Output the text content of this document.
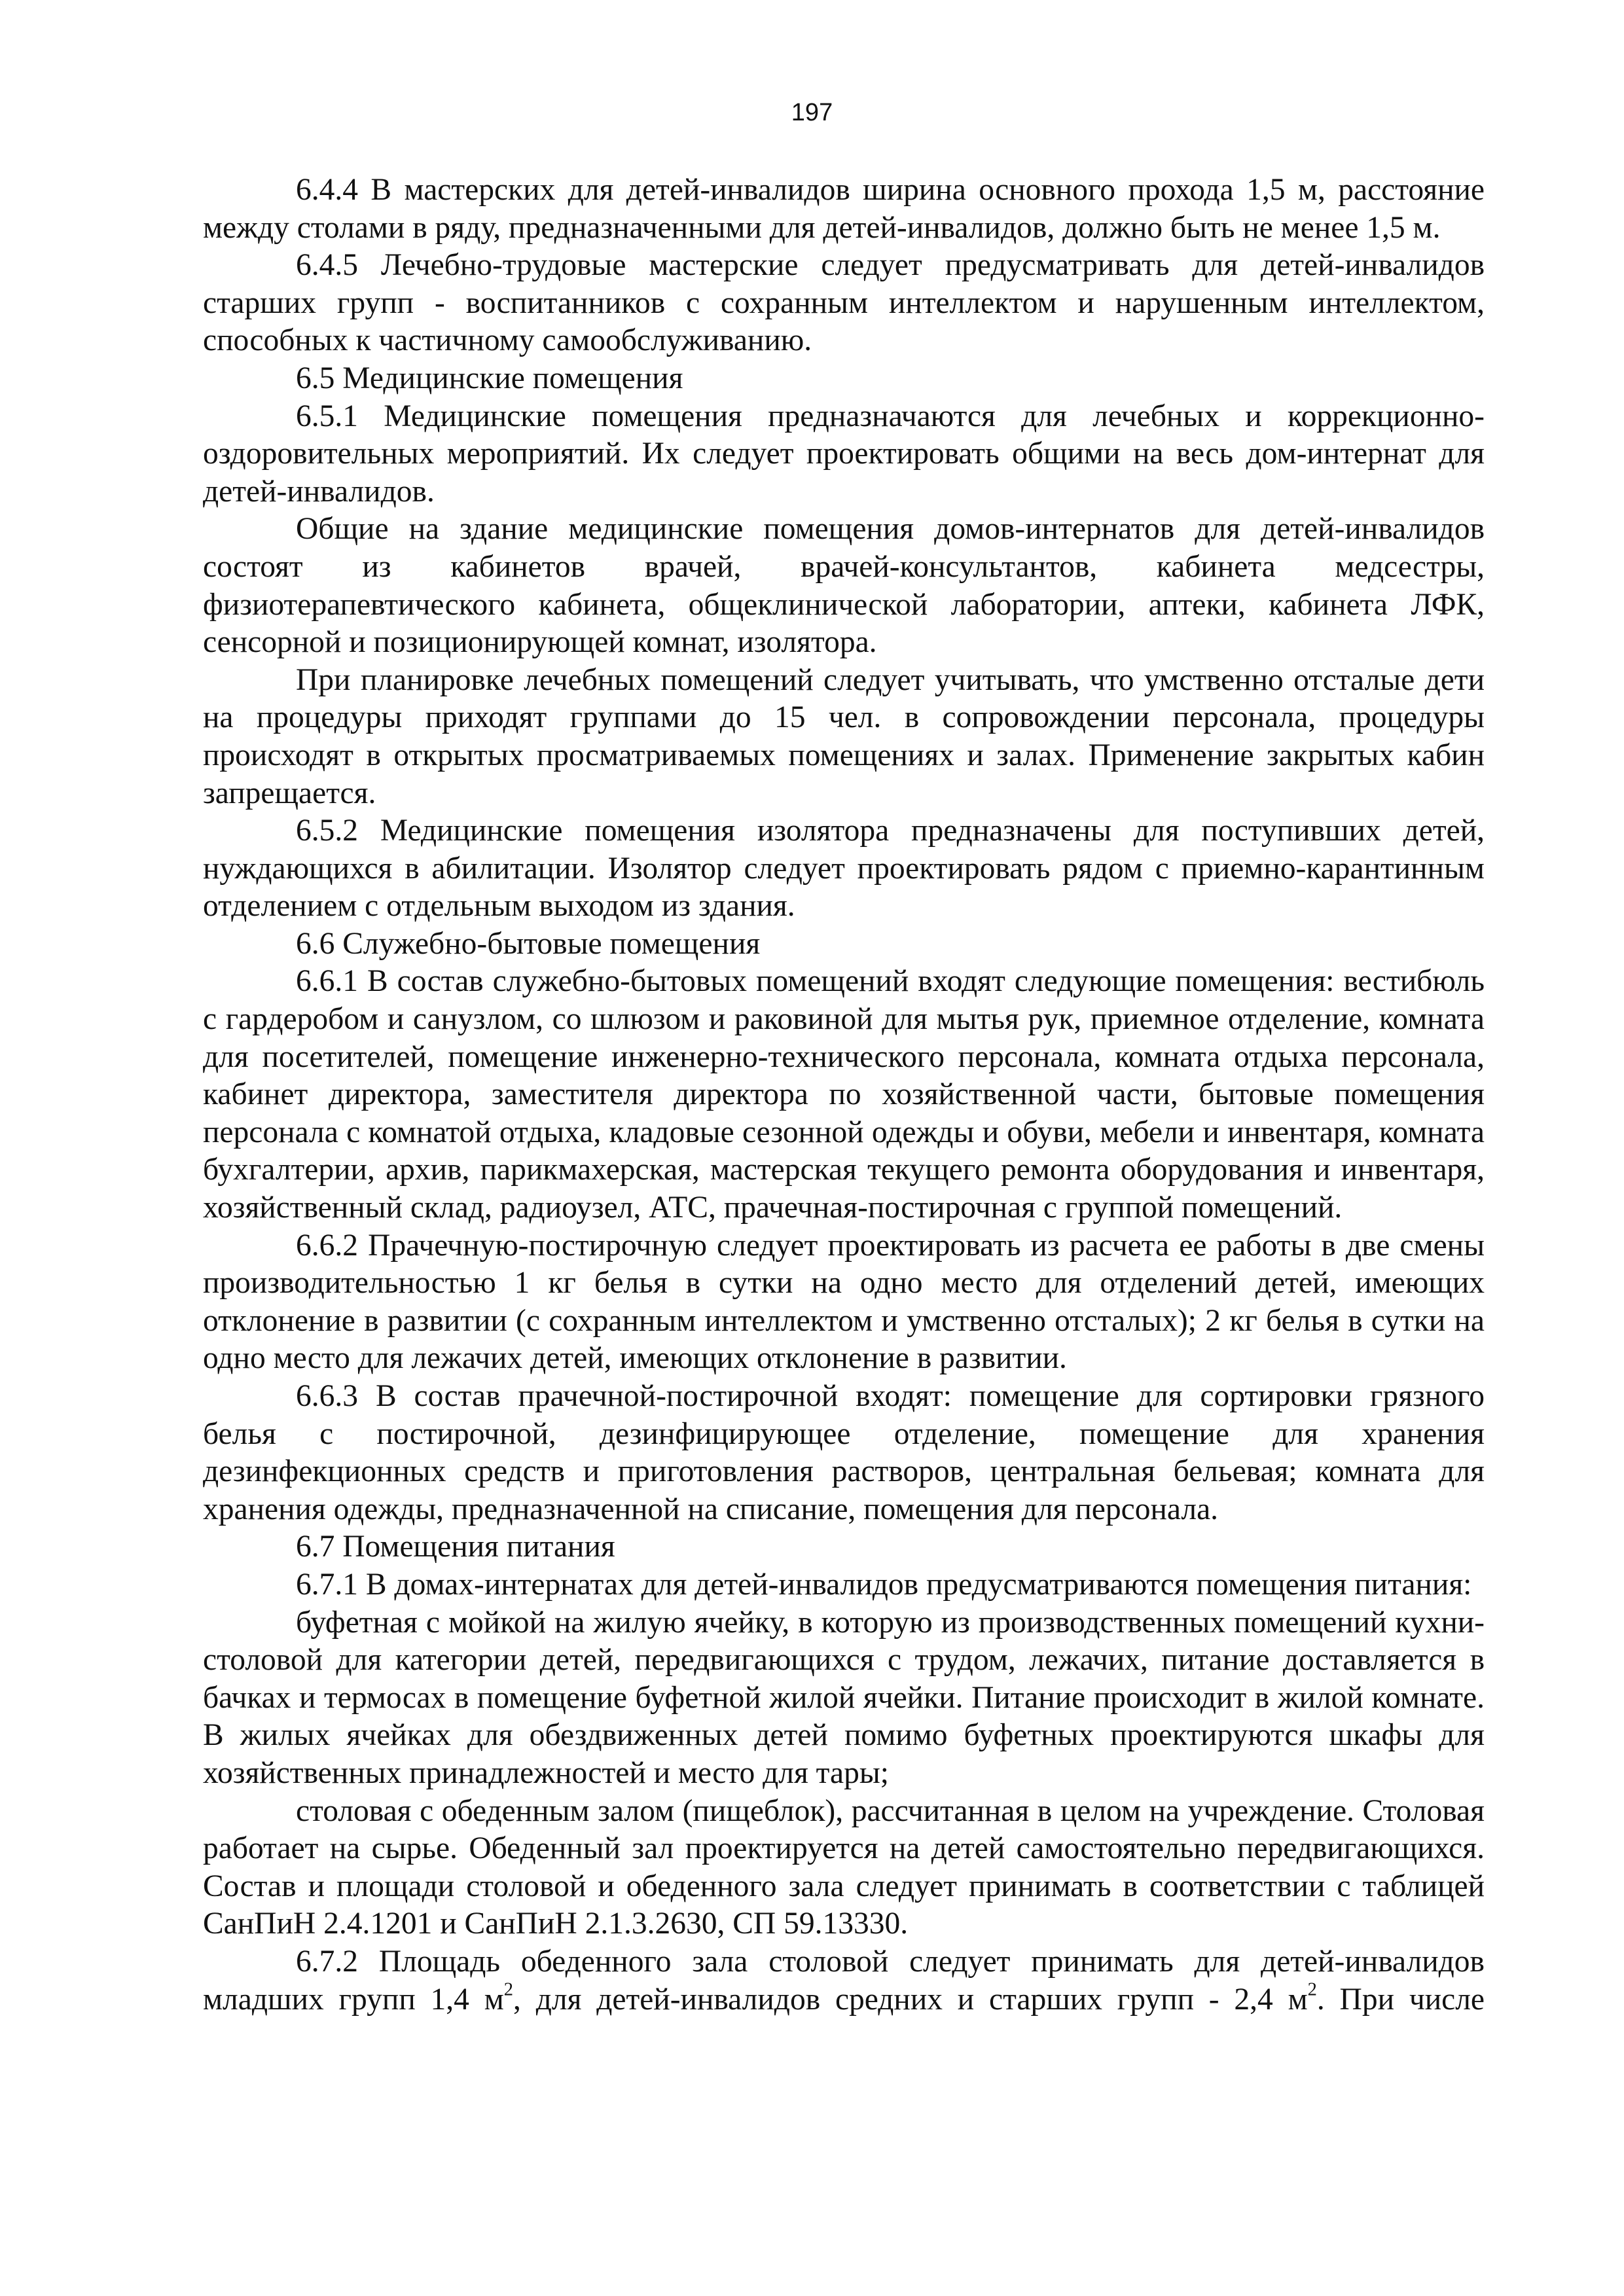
197

6.4.4 В мастерских для детей-инвалидов ширина основного прохода 1,5 м, расстояние между столами в ряду, предназначенными для детей-инвалидов, должно быть не менее 1,5 м.

6.4.5 Лечебно-трудовые мастерские следует предусматривать для детей-инвалидов старших групп - воспитанников с сохранным интеллектом и нарушенным интеллектом, способных к частичному самообслуживанию.

6.5 Медицинские помещения

6.5.1 Медицинские помещения предназначаются для лечебных и коррекционно-оздоровительных мероприятий. Их следует проектировать общими на весь дом-интернат для детей-инвалидов.

Общие на здание медицинские помещения домов-интернатов для детей-инвалидов состоят из кабинетов врачей, врачей-консультантов, кабинета медсестры, физиотерапевтического кабинета, общеклинической лаборатории, аптеки, кабинета ЛФК, сенсорной и позиционирующей комнат, изолятора.

При планировке лечебных помещений следует учитывать, что умственно отсталые дети на процедуры приходят группами до 15 чел. в сопровождении персонала, процедуры происходят в открытых просматриваемых помещениях и залах. Применение закрытых кабин запрещается.

6.5.2 Медицинские помещения изолятора предназначены для поступивших детей, нуждающихся в абилитации. Изолятор следует проектировать рядом с приемно-карантинным отделением с отдельным выходом из здания.

6.6 Служебно-бытовые помещения

6.6.1 В состав служебно-бытовых помещений входят следующие помещения: вестибюль с гардеробом и санузлом, со шлюзом и раковиной для мытья рук, приемное отделение, комната для посетителей, помещение инженерно-технического персонала, комната отдыха персонала, кабинет директора, заместителя директора по хозяйственной части, бытовые помещения персонала с комнатой отдыха, кладовые сезонной одежды и обуви, мебели и инвентаря, комната бухгалтерии, архив, парикмахерская, мастерская текущего ремонта оборудования и инвентаря, хозяйственный склад, радиоузел, АТС, прачечная-постирочная с группой помещений.

6.6.2 Прачечную-постирочную следует проектировать из расчета ее работы в две смены производительностью 1 кг белья в сутки на одно место для отделений детей, имеющих отклонение в развитии (с сохранным интеллектом и умственно отсталых); 2 кг белья в сутки на одно место для лежачих детей, имеющих отклонение в развитии.

6.6.3 В состав прачечной-постирочной входят: помещение для сортировки грязного белья с постирочной, дезинфицирующее отделение, помещение для хранения дезинфекционных средств и приготовления растворов, центральная бельевая; комната для хранения одежды, предназначенной на списание, помещения для персонала.

6.7 Помещения питания

6.7.1 В домах-интернатах для детей-инвалидов предусматриваются помещения питания:

буфетная с мойкой на жилую ячейку, в которую из производственных помещений кухни-столовой для категории детей, передвигающихся с трудом, лежачих, питание доставляется в бачках и термосах в помещение буфетной жилой ячейки. Питание происходит в жилой комнате. В жилых ячейках для обездвиженных детей помимо буфетных проектируются шкафы для хозяйственных принадлежностей и место для тары;

столовая с обеденным залом (пищеблок), рассчитанная в целом на учреждение. Столовая работает на сырье. Обеденный зал проектируется на детей самостоятельно передвигающихся. Состав и площади столовой и обеденного зала следует принимать в соответствии с таблицей СанПиН 2.4.1201 и СанПиН 2.1.3.2630, СП 59.13330.

6.7.2 Площадь обеденного зала столовой следует принимать для детей-инвалидов младших групп 1,4 $м^2$, для детей-инвалидов средних и старших групп - 2,4 $м^2$. При числе
